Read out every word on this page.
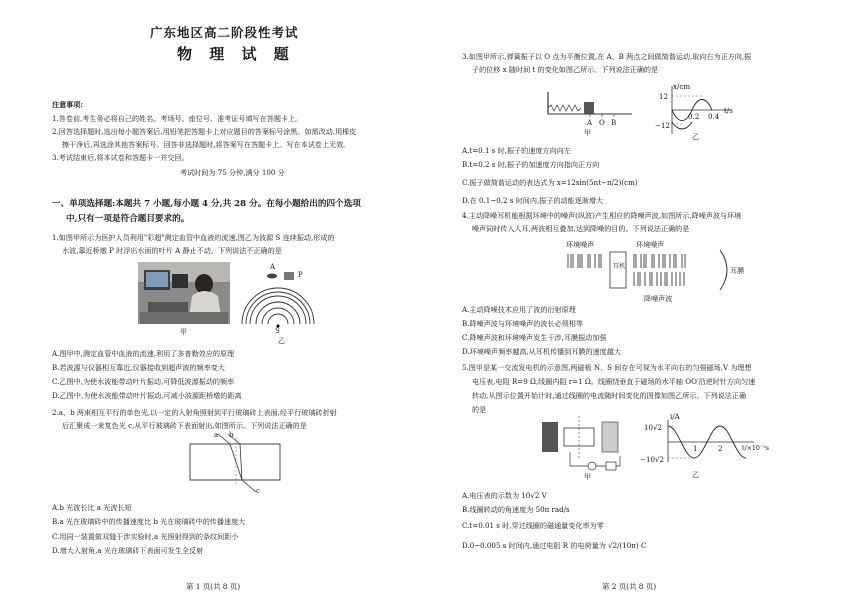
广东地区高二阶段性考试
物 理 试 题
注意事项:
1.答卷前,考生务必将自己的姓名、考场号、座位号、准考证号填写在答题卡上。
2.回答选择题时,选出每小题答案后,用铅笔把答题卡上对应题目的答案标号涂黑。如需改动,用橡皮
擦干净后,再选涂其他答案标号。回答非选择题时,将答案写在答题卡上。写在本试卷上无效。
3.考试结束后,将本试卷和答题卡一并交回。
考试时间为 75 分钟,满分 100 分
一、单项选择题:本题共 7 小题,每小题 4 分,共 28 分。在每小题给出的四个选项
中,只有一项是符合题目要求的。
1.如图甲所示为医护人员利用"彩超"测定血管中血液的流速,图乙为波源 S 连续振动,形成的
水波,靠近桥墩 P 时浮出水面的叶片 A 静止不动。下列说法不正确的是
甲
A
P
S
乙
A.图甲中,测定血管中血液的流速,利用了多普勒效应的原理
B.若波源与仪器相互靠近,仪器接收到超声波的频率变大
C.乙图中,为使水波能带动叶片振动,可降低波源振动的频率
D.乙图中,为使水波能带动叶片振动,可减小波源距桥墩的距离
2.a、b 两束相互平行的单色光,以一定的入射角照射到平行玻璃砖上表面,经平行玻璃砖折射
后汇聚成一束复色光 c,从平行玻璃砖下表面射出,如图所示。下列说法正确的是
a b
c
A.b 光波长比 a 光波长短
B.a 光在玻璃砖中的传播速度比 b 光在玻璃砖中的传播速度大
C.用同一装置做双缝干涉实验时,a 光照射得到的条纹间距小
D.增大入射角,a 光在玻璃砖下表面可发生全反射
第 1 页(共 8 页)
3.如图甲所示,弹簧振子以 O 点为平衡位置,在 A、B 两点之间做简谐运动,取向右为正方向,振
子的位移 x 随时间 t 的变化如图乙所示。下列说法正确的是
A O B
甲
x/cm
12
−12
0.2 0.4
t/s
乙
A.t=0.1 s 时,振子的速度方向向左
B.t=0.2 s 时,振子的加速度方向指向正方向
C.振子做简谐运动的表达式为 x=12sin(5πt−π/2)(cm)
D.在 0.1~0.2 s 时间内,振子的动能逐渐增大
4.主动降噪耳机能根据环境中的噪声(纵波)产生相应的降噪声波,如图所示,降噪声波与环境
噪声同时传入人耳,两波相互叠加,达到降噪的目的。下列说法正确的是
环境噪声	环境噪声
耳机	耳膜
降噪声波
A.主动降噪技术应用了波的衍射原理
B.降噪声波与环境噪声的波长必须相等
C.降噪声波和环境噪声发生干涉,耳膜振动加强
D.环境噪声频率越高,从耳机传播到耳膜的速度越大
5.图甲是某一交流发电机的示意图,两磁极 N、S 间存在可视为水平向右的匀强磁场,V 为理想
电压表,电阻 R=9 Ω,线圈内阻 r=1 Ω。线圈绕垂直于磁场的水平轴 OO′沿逆时针方向匀速
转动,从图示位置开始计时,通过线圈的电流随时间变化的图像如图乙所示。下列说法正确
的是
甲
i/A
10√2
−10√2
1	2	t/×10⁻²s
乙
A.电压表的示数为 10√2 V
B.线圈转动的角速度为 50π rad/s
C.t=0.01 s 时,穿过线圈的磁通量变化率为零
D.0~0.005 s 时间内,通过电阻 R 的电荷量为 √2/(10π) C
第 2 页(共 8 页)
